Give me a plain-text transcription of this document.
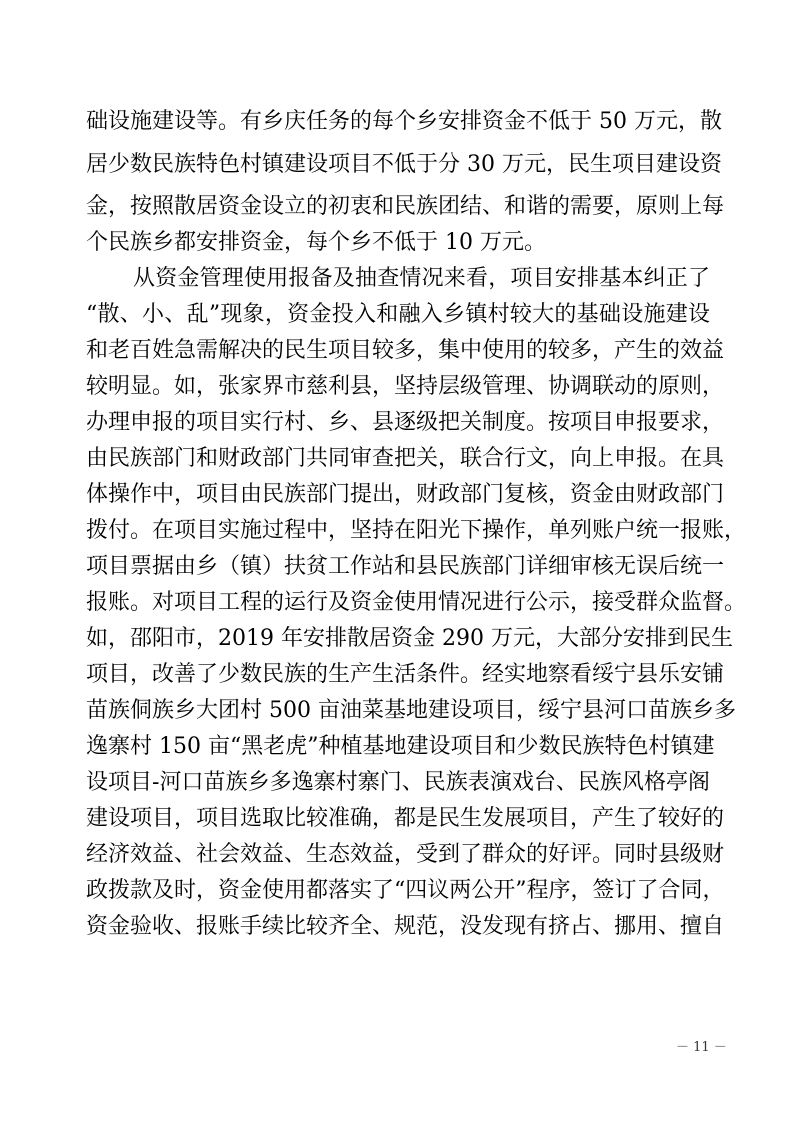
础设施建设等。有乡庆任务的每个乡安排资金不低于 50 万元，散
居少数民族特色村镇建设项目不低于分 30 万元，民生项目建设资
金，按照散居资金设立的初衷和民族团结、和谐的需要，原则上每
个民族乡都安排资金，每个乡不低于 10 万元。
从资金管理使用报备及抽查情况来看，项目安排基本纠正了
“散、小、乱”现象，资金投入和融入乡镇村较大的基础设施建设
和老百姓急需解决的民生项目较多，集中使用的较多，产生的效益
较明显。如，张家界市慈利县，坚持层级管理、协调联动的原则，
办理申报的项目实行村、乡、县逐级把关制度。按项目申报要求，
由民族部门和财政部门共同审查把关，联合行文，向上申报。在具
体操作中，项目由民族部门提出，财政部门复核，资金由财政部门
拨付。在项目实施过程中，坚持在阳光下操作，单列账户统一报账，
项目票据由乡（镇）扶贫工作站和县民族部门详细审核无误后统一
报账。对项目工程的运行及资金使用情况进行公示，接受群众监督。
如，邵阳市，2019 年安排散居资金 290 万元，大部分安排到民生
项目，改善了少数民族的生产生活条件。经实地察看绥宁县乐安铺
苗族侗族乡大团村 500 亩油菜基地建设项目，绥宁县河口苗族乡多
逸寨村 150 亩“黑老虎”种植基地建设项目和少数民族特色村镇建
设项目-河口苗族乡多逸寨村寨门、民族表演戏台、民族风格亭阁
建设项目，项目选取比较准确，都是民生发展项目，产生了较好的
经济效益、社会效益、生态效益，受到了群众的好评。同时县级财
政拨款及时，资金使用都落实了“四议两公开”程序，签订了合同，
资金验收、报账手续比较齐全、规范，没发现有挤占、挪用、擅自
－ 11 －
